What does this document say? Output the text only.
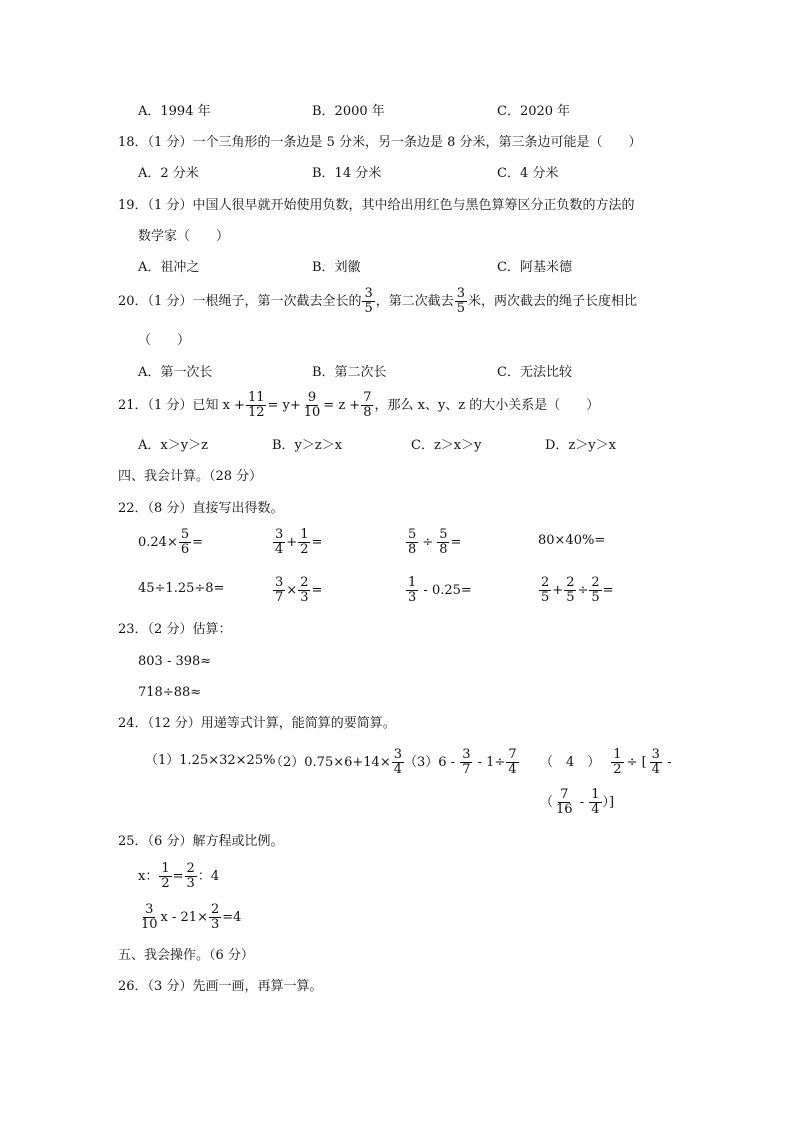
A．1994 年	B．2000 年	C．2020 年
18．（1 分）一个三角形的一条边是 5 分米，另一条边是 8 分米，第三条边可能是（　　）
A．2 分米	B．14 分米	C．4 分米
19．（1 分）中国人很早就开始使用负数，其中给出用红色与黑色算筹区分正负数的方法的
数学家（　　）
A．祖冲之	B．刘徽	C．阿基米德
20．（1 分）一根绳子，第一次截去全长的 $\frac{3}{5}$ ，第二次截去 $\frac{3}{5}$ 米，两次截去的绳子长度相比
（　　）
A．第一次长	B．第二次长	C．无法比较
21．（1 分）已知 $x + \frac{11}{12} = y+ \frac{9}{10} = z + \frac{7}{8}$ ，那么 x、y、z 的大小关系是（　　）
A．x＞y＞z	B．y＞z＞x	C．z＞x＞y	D．z＞y＞x
四、我会计算。（28 分）
22．（8 分）直接写出得数。
$0.24\times \frac{5}{6}$ =	$\frac{3}{4} + \frac{1}{2}$ =	$\frac{5}{8} \div \frac{5}{8}$ =	80×40%=
45÷1.25÷8=	$\frac{3}{7} \times \frac{2}{3}$ =	$\frac{1}{3} - 0.25=$	$\frac{2}{5} + \frac{2}{5} \div \frac{2}{5}$ =
23．（2 分）估算：
803 - 398≈
718÷88≈
24．（12 分）用递等式计算，能简算的要简算。
（1）1.25×32×25%
$(2)0.75\times 6+14\times \frac{3}{4} (3)6 - \frac{3}{7} - 1\div \frac{7}{4}$ （　4　） $\frac{1}{2}$ ÷ [ $\frac{3}{4}$ -
（ $\frac{7}{16} - \frac{1}{4}$ ）]
25．（6 分）解方程或比例。
x： $\frac{1}{2} = \frac{2}{3}$ ：4
$\frac{3}{10}$ $x - 21\times \frac{2}{3} =4$
五、我会操作。（6 分）
26．（3 分）先画一画，再算一算。
